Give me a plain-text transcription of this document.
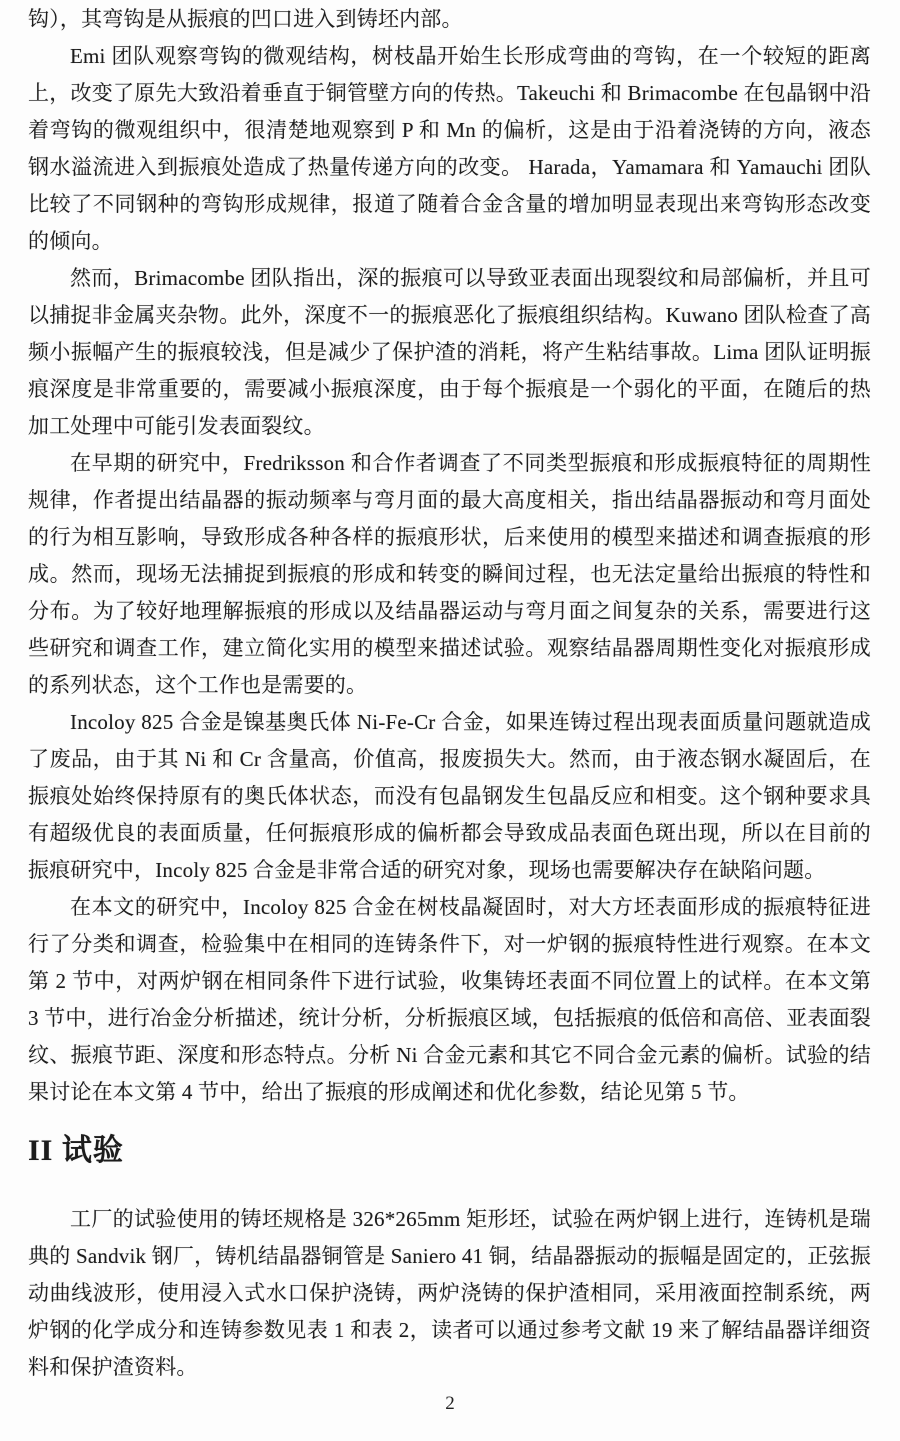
钩），其弯钩是从振痕的凹口进入到铸坯内部。

Emi 团队观察弯钩的微观结构，树枝晶开始生长形成弯曲的弯钩，在一个较短的距离上，改变了原先大致沿着垂直于铜管壁方向的传热。Takeuchi 和 Brimacombe 在包晶钢中沿着弯钩的微观组织中，很清楚地观察到 P 和 Mn 的偏析，这是由于沿着浇铸的方向，液态钢水溢流进入到振痕处造成了热量传递方向的改变。 Harada，Yamamara 和 Yamauchi 团队比较了不同钢种的弯钩形成规律，报道了随着合金含量的增加明显表现出来弯钩形态改变的倾向。

然而，Brimacombe 团队指出，深的振痕可以导致亚表面出现裂纹和局部偏析，并且可以捕捉非金属夹杂物。此外，深度不一的振痕恶化了振痕组织结构。Kuwano 团队检查了高频小振幅产生的振痕较浅，但是减少了保护渣的消耗，将产生粘结事故。Lima 团队证明振痕深度是非常重要的，需要减小振痕深度，由于每个振痕是一个弱化的平面，在随后的热加工处理中可能引发表面裂纹。

在早期的研究中，Fredriksson 和合作者调查了不同类型振痕和形成振痕特征的周期性规律，作者提出结晶器的振动频率与弯月面的最大高度相关，指出结晶器振动和弯月面处的行为相互影响，导致形成各种各样的振痕形状，后来使用的模型来描述和调查振痕的形成。然而，现场无法捕捉到振痕的形成和转变的瞬间过程，也无法定量给出振痕的特性和分布。为了较好地理解振痕的形成以及结晶器运动与弯月面之间复杂的关系，需要进行这些研究和调查工作，建立简化实用的模型来描述试验。观察结晶器周期性变化对振痕形成的系列状态，这个工作也是需要的。

Incoloy 825 合金是镍基奥氏体 Ni-Fe-Cr 合金，如果连铸过程出现表面质量问题就造成了废品，由于其 Ni 和 Cr 含量高，价值高，报废损失大。然而，由于液态钢水凝固后，在振痕处始终保持原有的奥氏体状态，而没有包晶钢发生包晶反应和相变。这个钢种要求具有超级优良的表面质量，任何振痕形成的偏析都会导致成品表面色斑出现，所以在目前的振痕研究中，Incoly 825 合金是非常合适的研究对象，现场也需要解决存在缺陷问题。

在本文的研究中，Incoloy 825 合金在树枝晶凝固时，对大方坯表面形成的振痕特征进行了分类和调查，检验集中在相同的连铸条件下，对一炉钢的振痕特性进行观察。在本文第 2 节中，对两炉钢在相同条件下进行试验，收集铸坯表面不同位置上的试样。在本文第 3 节中，进行冶金分析描述，统计分析，分析振痕区域，包括振痕的低倍和高倍、亚表面裂纹、振痕节距、深度和形态特点。分析 Ni 合金元素和其它不同合金元素的偏析。试验的结果讨论在本文第 4 节中，给出了振痕的形成阐述和优化参数，结论见第 5 节。

II 试验

工厂的试验使用的铸坯规格是 326*265mm 矩形坯，试验在两炉钢上进行，连铸机是瑞典的 Sandvik 钢厂，铸机结晶器铜管是 Saniero 41 铜，结晶器振动的振幅是固定的，正弦振动曲线波形，使用浸入式水口保护浇铸，两炉浇铸的保护渣相同，采用液面控制系统，两炉钢的化学成分和连铸参数见表 1 和表 2，读者可以通过参考文献 19 来了解结晶器详细资料和保护渣资料。

2
